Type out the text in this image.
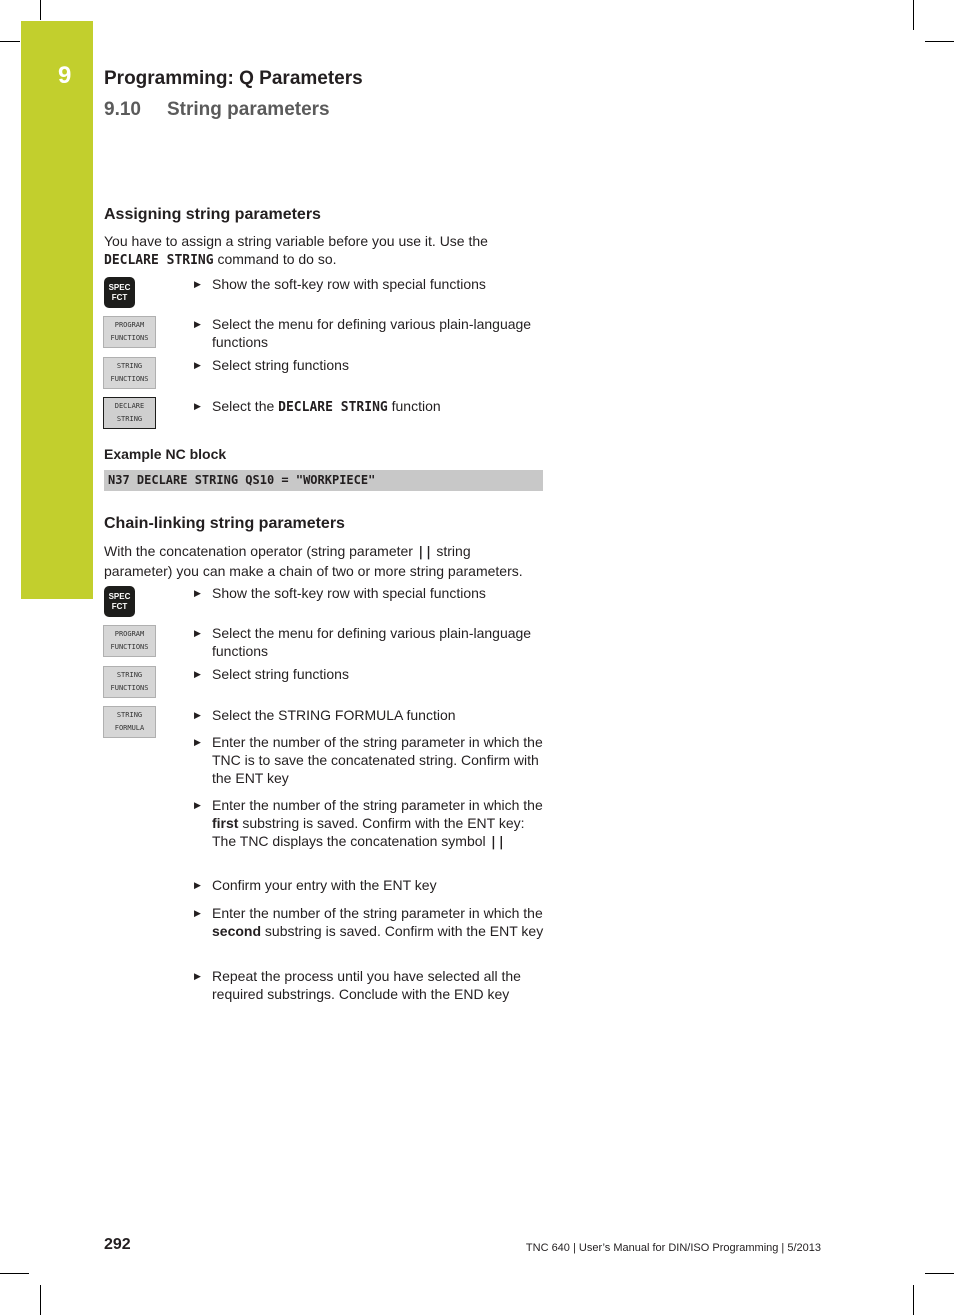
9 Programming: Q Parameters
9.10 String parameters
Assigning string parameters
You have to assign a string variable before you use it. Use the
DECLARE STRING command to do so.
SPEC
FCT
▶ Show the soft-key row with special functions
PROGRAM
FUNCTIONS
▶ Select the menu for defining various plain-language functions
STRING
FUNCTIONS
▶ Select string functions
DECLARE
STRING
▶ Select the DECLARE STRING function
Example NC block
N37 DECLARE STRING QS10 = "WORKPIECE"
Chain-linking string parameters
With the concatenation operator (string parameter || string
parameter) you can make a chain of two or more string parameters.
SPEC
FCT
▶ Show the soft-key row with special functions
PROGRAM
FUNCTIONS
▶ Select the menu for defining various plain-language functions
STRING
FUNCTIONS
▶ Select string functions
STRING
FORMULA
▶ Select the STRING FORMULA function
▶ Enter the number of the string parameter in which the TNC is to save the concatenated string. Confirm with the ENT key
▶ Enter the number of the string parameter in which the first substring is saved. Confirm with the ENT key: The TNC displays the concatenation symbol ||
▶ Confirm your entry with the ENT key
▶ Enter the number of the string parameter in which the second substring is saved. Confirm with the ENT key
▶ Repeat the process until you have selected all the required substrings. Conclude with the END key
292	TNC 640 | User’s Manual for DIN/ISO Programming | 5/2013
